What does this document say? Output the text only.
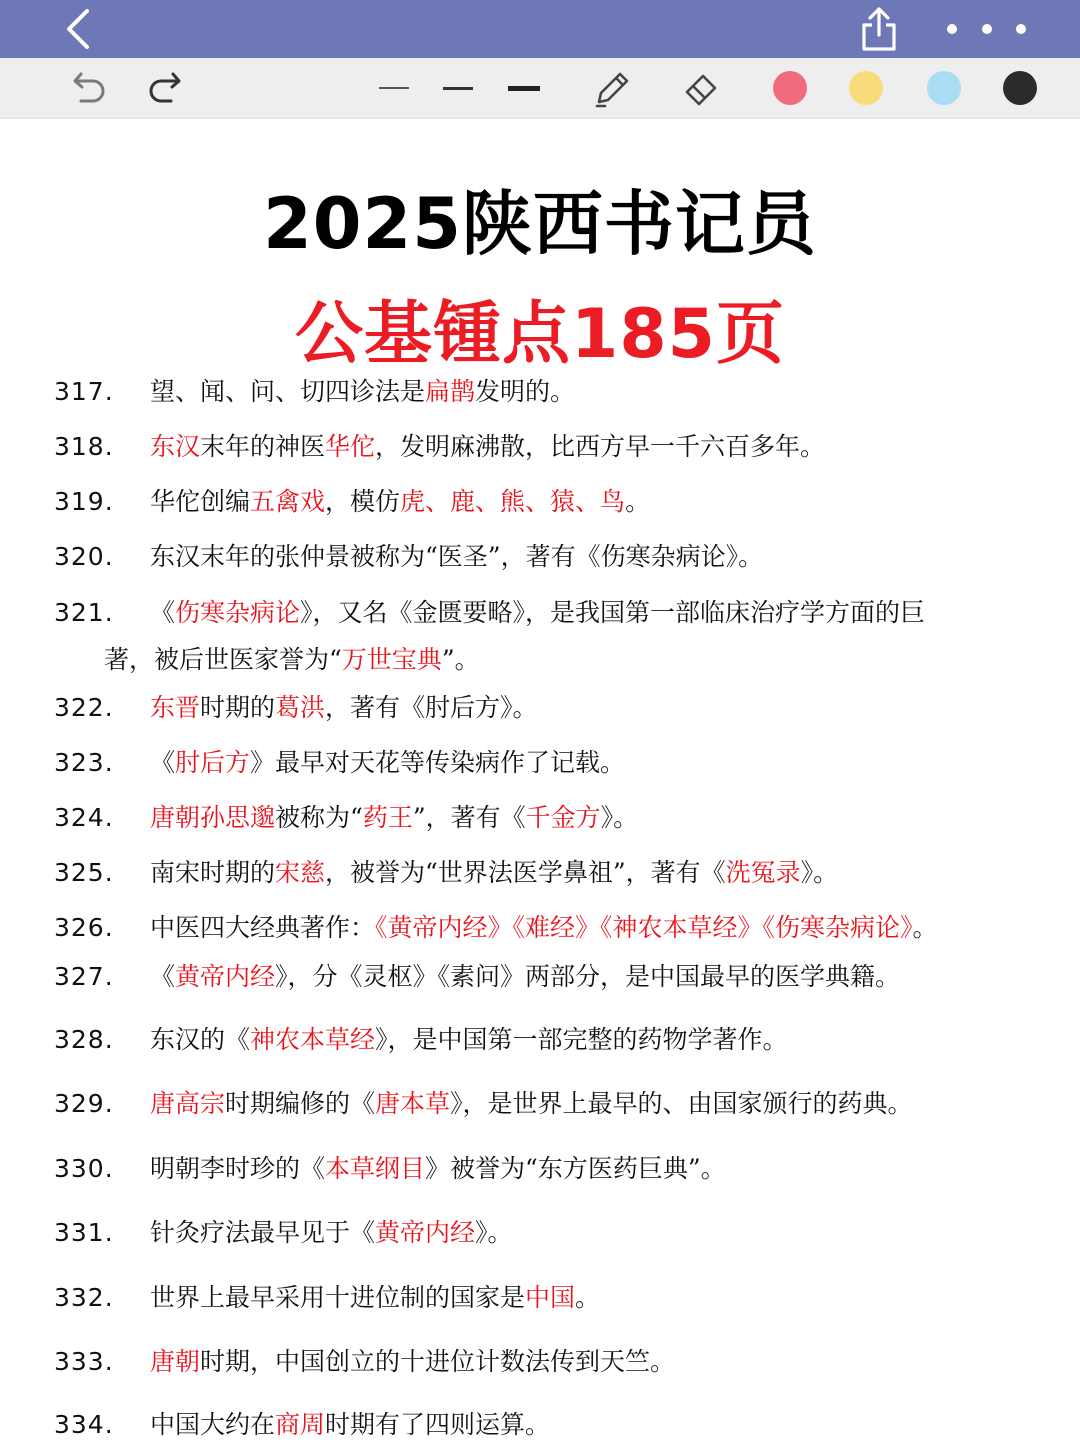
2025陕西书记员
公基锺点185页
317. 望、闻、问、切四诊法是扁鹊发明的。
318. 东汉末年的神医华佗，发明麻沸散，比西方早一千六百多年。
319. 华佗创编五禽戏，模仿虎、鹿、熊、猿、鸟。
320. 东汉末年的张仲景被称为“医圣”，著有《伤寒杂病论》。
321. 《伤寒杂病论》，又名《金匮要略》，是我国第一部临床治疗学方面的巨
著，被后世医家誉为“万世宝典”。
322. 东晋时期的葛洪，著有《肘后方》。
323. 《肘后方》最早对天花等传染病作了记载。
324. 唐朝孙思邈被称为“药王”，著有《千金方》。
325. 南宋时期的宋慈，被誉为“世界法医学鼻祖”，著有《洗冤录》。
326. 中医四大经典著作：《黄帝内经》《难经》《神农本草经》《伤寒杂病论》。
327. 《黄帝内经》，分《灵枢》《素问》两部分，是中国最早的医学典籍。
328. 东汉的《神农本草经》，是中国第一部完整的药物学著作。
329. 唐高宗时期编修的《唐本草》，是世界上最早的、由国家颁行的药典。
330. 明朝李时珍的《本草纲目》被誉为“东方医药巨典”。
331. 针灸疗法最早见于《黄帝内经》。
332. 世界上最早采用十进位制的国家是中国。
333. 唐朝时期，中国创立的十进位计数法传到天竺。
334. 中国大约在商周时期有了四则运算。
